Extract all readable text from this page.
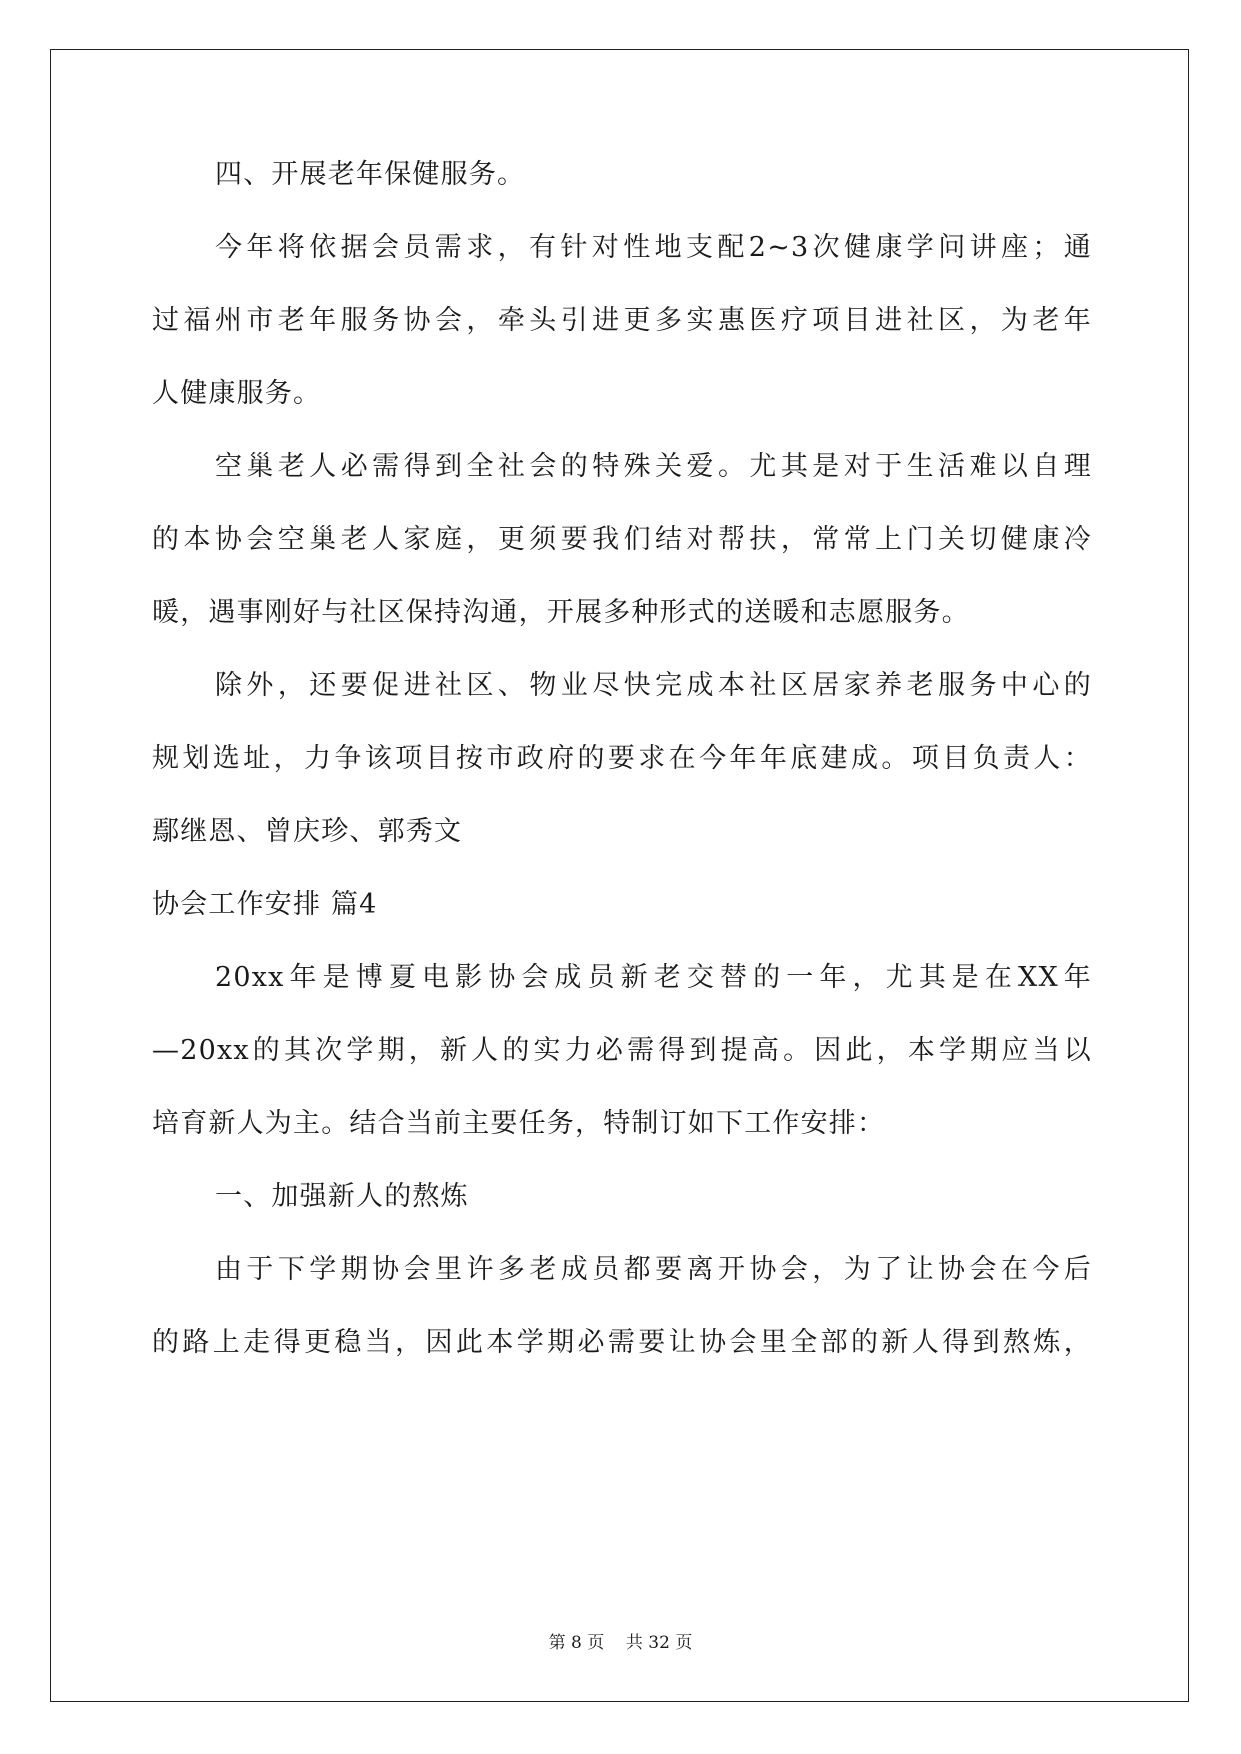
四、开展老年保健服务。
今年将依据会员需求，有针对性地支配2~3次健康学问讲座；通
过福州市老年服务协会，牵头引进更多实惠医疗项目进社区，为老年
人健康服务。
空巢老人必需得到全社会的特殊关爱。尤其是对于生活难以自理
的本协会空巢老人家庭，更须要我们结对帮扶，常常上门关切健康冷
暖，遇事刚好与社区保持沟通，开展多种形式的送暖和志愿服务。
除外，还要促进社区、物业尽快完成本社区居家养老服务中心的
规划选址，力争该项目按市政府的要求在今年年底建成。项目负责人：
鄢继恩、曾庆珍、郭秀文
协会工作安排 篇4
20xx年是博夏电影协会成员新老交替的一年，尤其是在XX年
—20xx的其次学期，新人的实力必需得到提高。因此，本学期应当以
培育新人为主。结合当前主要任务，特制订如下工作安排：
一、加强新人的熬炼
由于下学期协会里许多老成员都要离开协会，为了让协会在今后
的路上走得更稳当，因此本学期必需要让协会里全部的新人得到熬炼，
第 8 页    共 32 页
